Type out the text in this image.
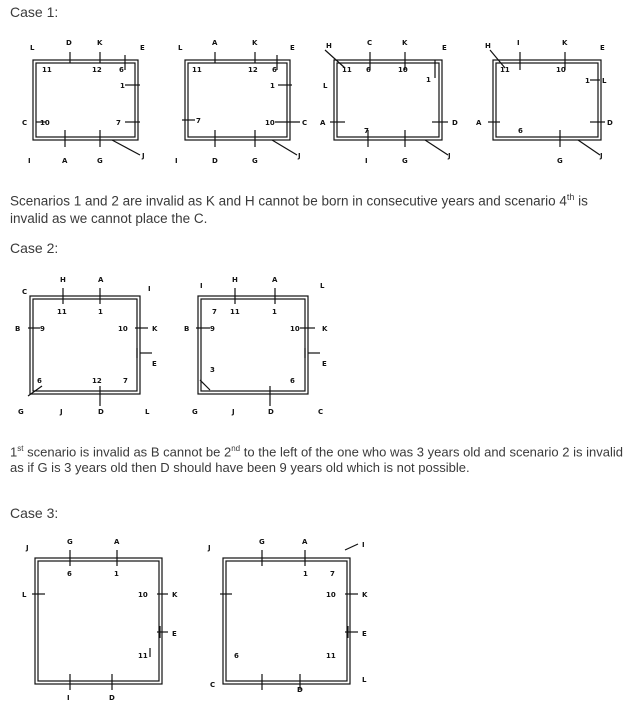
Case 1:
L
D	K
E
11	12 6
1
7
C 10
I	A	G
J
L
A	K
E
11	12 6
1
10	C
7
I	D	G
J
H	C	K
E
11 6	10
1
L
A	D
7
I	G
J
H	I	K
E
11	10
1 L
A	D
6
G
J
Scenarios 1 and 2 are invalid as K and H cannot be born in consecutive years and scenario 4th is invalid as we cannot place the C.
Case 2:
C
H	A
I
11	1
B	9	10	K
E
6	12	7
G	J	D	L
I
H	A
L
7 11	1
B	9	10	K
E
3
6
G	J	D	C
1st scenario is invalid as B cannot be 2nd to the left of the one who was 3 years old and scenario 2 is invalid as if G is 3 years old then D should have been 9 years old which is not possible.
Case 3:
J
G	A
6	1
L	10	K
E
11
I	D
J
G	A	I
1	7
10	K
E
6	11
C
D
L
